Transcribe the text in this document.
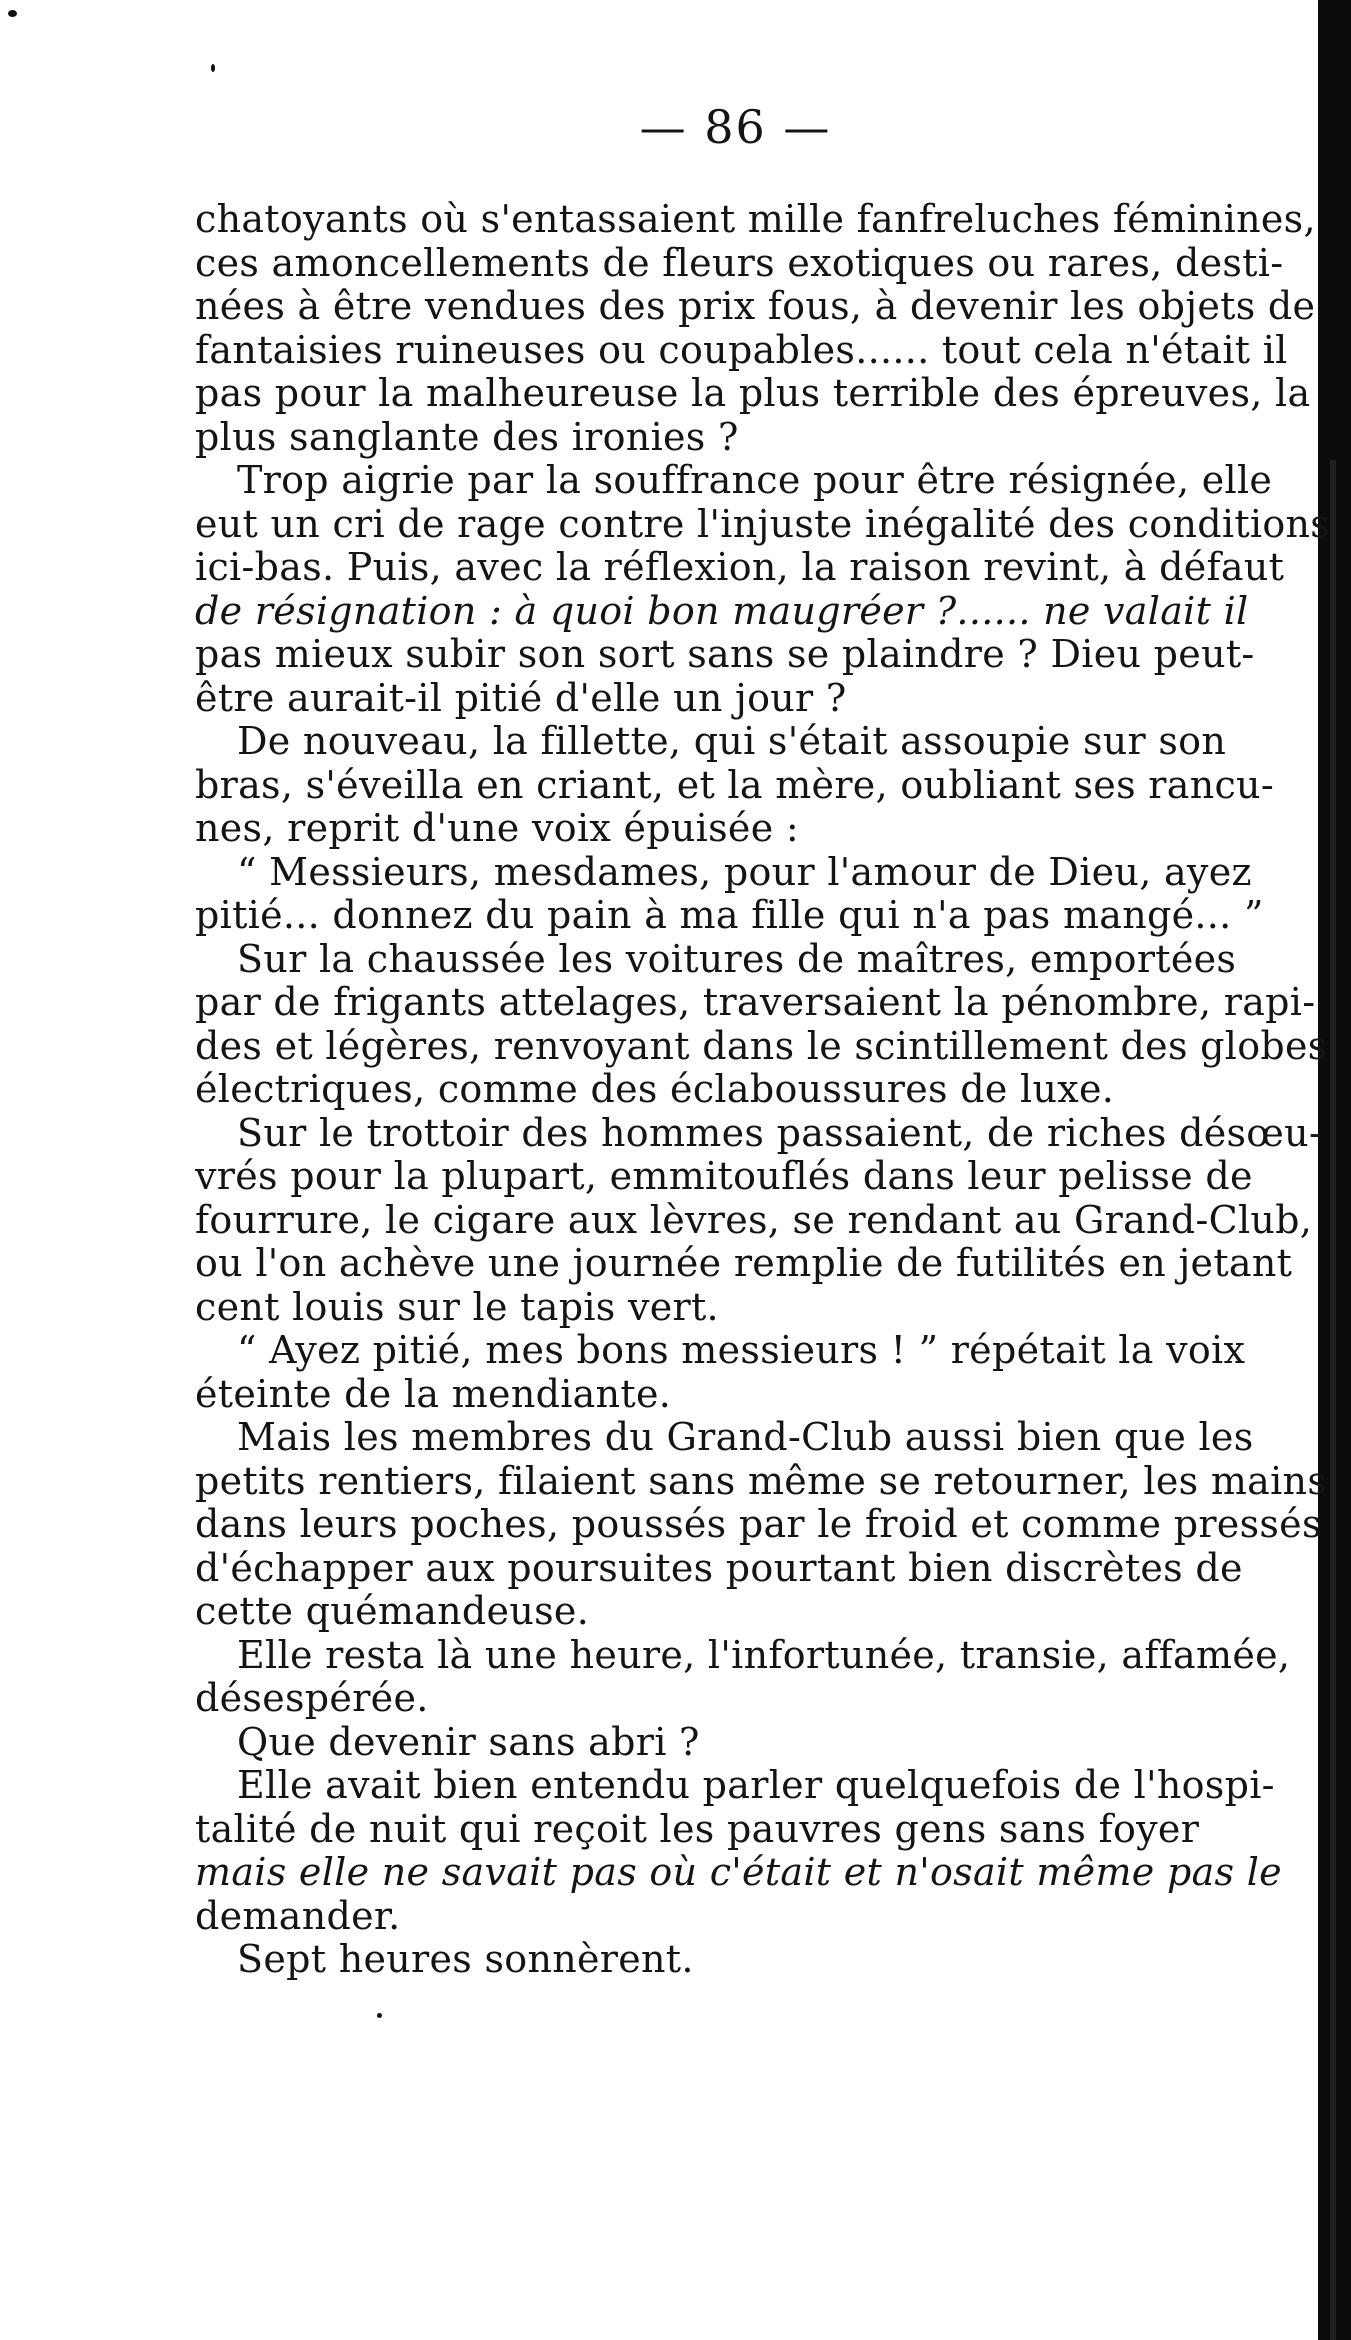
— 86 —
chatoyants où s'entassaient mille fanfreluches féminines,
ces amoncellements de fleurs exotiques ou rares, desti-
nées à être vendues des prix fous, à devenir les objets de
fantaisies ruineuses ou coupables...... tout cela n'était il
pas pour la malheureuse la plus terrible des épreuves, la
plus sanglante des ironies ?
Trop aigrie par la souffrance pour être résignée, elle
eut un cri de rage contre l'injuste inégalité des conditions
ici-bas. Puis, avec la réflexion, la raison revint, à défaut
de résignation : à quoi bon maugréer ?...... ne valait il
pas mieux subir son sort sans se plaindre ? Dieu peut-
être aurait-il pitié d'elle un jour ?
De nouveau, la fillette, qui s'était assoupie sur son
bras, s'éveilla en criant, et la mère, oubliant ses rancu-
nes, reprit d'une voix épuisée :
“ Messieurs, mesdames, pour l'amour de Dieu, ayez
pitié... donnez du pain à ma fille qui n'a pas mangé... ”
Sur la chaussée les voitures de maîtres, emportées
par de frigants attelages, traversaient la pénombre, rapi-
des et légères, renvoyant dans le scintillement des globes
électriques, comme des éclaboussures de luxe.
Sur le trottoir des hommes passaient, de riches désœu-
vrés pour la plupart, emmitouflés dans leur pelisse de
fourrure, le cigare aux lèvres, se rendant au Grand-Club,
ou l'on achève une journée remplie de futilités en jetant
cent louis sur le tapis vert.
“ Ayez pitié, mes bons messieurs ! ” répétait la voix
éteinte de la mendiante.
Mais les membres du Grand-Club aussi bien que les
petits rentiers, filaient sans même se retourner, les mains
dans leurs poches, poussés par le froid et comme pressés
d'échapper aux poursuites pourtant bien discrètes de
cette quémandeuse.
Elle resta là une heure, l'infortunée, transie, affamée,
désespérée.
Que devenir sans abri ?
Elle avait bien entendu parler quelquefois de l'hospi-
talité de nuit qui reçoit les pauvres gens sans foyer
mais elle ne savait pas où c'était et n'osait même pas le
demander.
Sept heures sonnèrent.
